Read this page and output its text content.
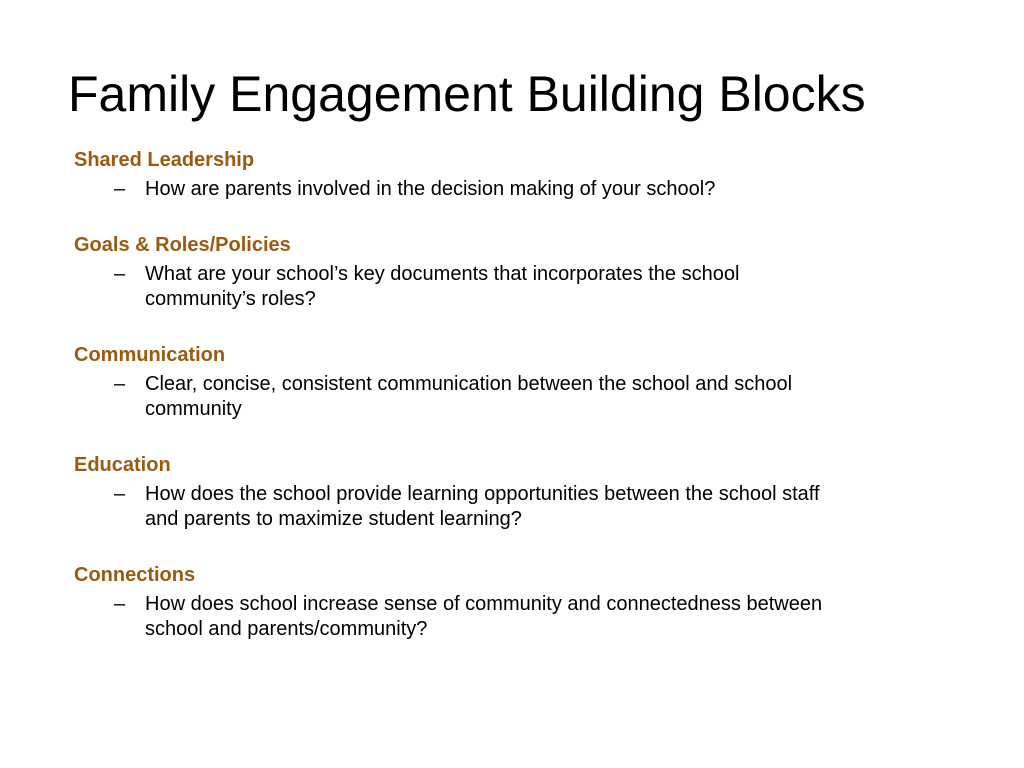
Family Engagement Building Blocks
Shared Leadership
– How are parents involved in the decision making of your school?
Goals & Roles/Policies
– What are your school’s key documents that incorporates the school community’s roles?
Communication
– Clear, concise, consistent communication between the school and school community
Education
– How does the school provide learning opportunities between the school staff and parents to maximize student learning?
Connections
– How does school increase sense of community and connectedness between school and parents/community?
